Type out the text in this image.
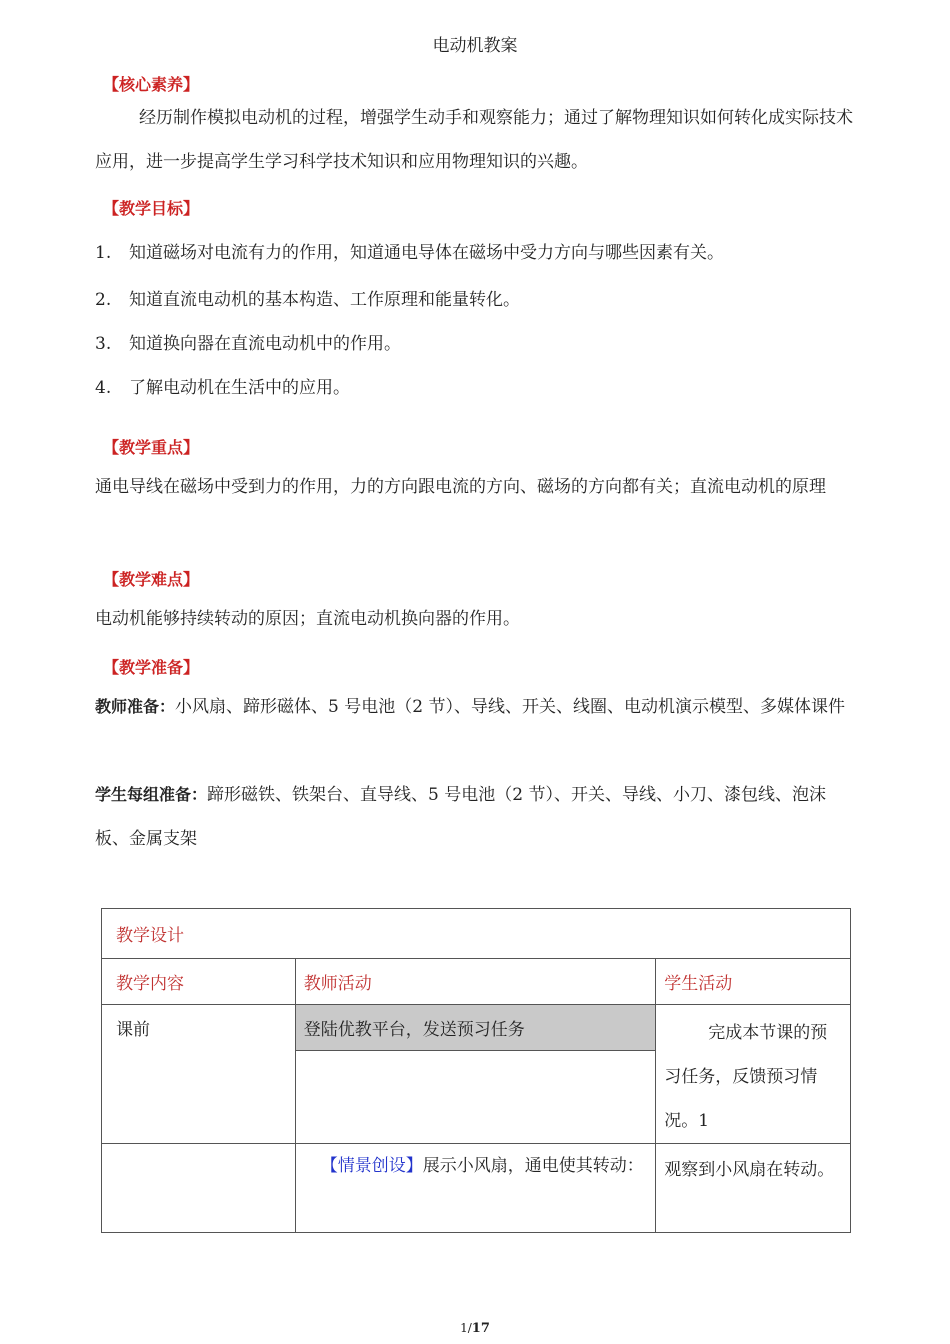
电动机教案
【核心素养】
经历制作模拟电动机的过程，增强学生动手和观察能力；通过了解物理知识如何转化成实际技术应用，进一步提高学生学习科学技术知识和应用物理知识的兴趣。
【教学目标】
1. 知道磁场对电流有力的作用，知道通电导体在磁场中受力方向与哪些因素有关。
2. 知道直流电动机的基本构造、工作原理和能量转化。
3. 知道换向器在直流电动机中的作用。
4. 了解电动机在生活中的应用。
【教学重点】
通电导线在磁场中受到力的作用，力的方向跟电流的方向、磁场的方向都有关；直流电动机的原理
【教学难点】
电动机能够持续转动的原因；直流电动机换向器的作用。
【教学准备】
教师准备：小风扇、蹄形磁体、5 号电池（2 节）、导线、开关、线圈、电动机演示模型、多媒体课件
学生每组准备：蹄形磁铁、铁架台、直导线、5 号电池（2 节）、开关、导线、小刀、漆包线、泡沫板、金属支架
教学设计		
教学内容	教师活动	学生活动
课前	登陆优教平台，发送预习任务	完成本节课的预习任务，反馈预习情况。1

	【情景创设】展示小风扇，通电使其转动：	观察到小风扇在转动。
1/17
